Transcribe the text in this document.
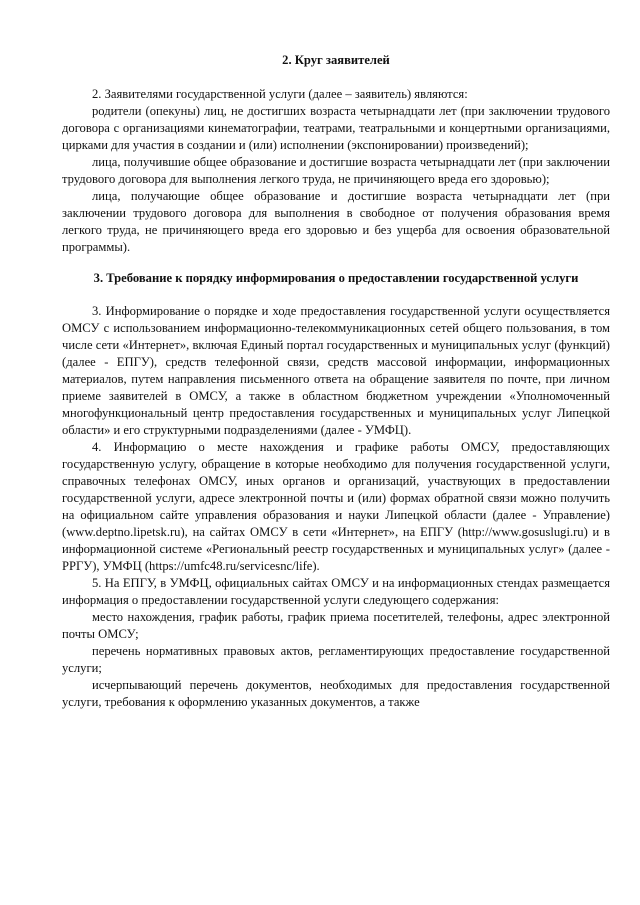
2. Круг заявителей

2. Заявителями государственной услуги (далее – заявитель) являются:

родители (опекуны) лиц, не достигших возраста четырнадцати лет (при заключении трудового договора с организациями кинематографии, театрами, театральными и концертными организациями, цирками для участия в создании и (или) исполнении (экспонировании) произведений);

лица, получившие общее образование и достигшие возраста четырнадцати лет (при заключении трудового договора для выполнения легкого труда, не причиняющего вреда его здоровью);

лица, получающие общее образование и достигшие возраста четырнадцати лет (при заключении трудового договора для выполнения в свободное от получения образования время легкого труда, не причиняющего вреда его здоровью и без ущерба для освоения образовательной программы).

3. Требование к порядку информирования о предоставлении государственной услуги

3. Информирование о порядке и ходе предоставления государственной услуги осуществляется ОМСУ с использованием информационно-телекоммуникационных сетей общего пользования, в том числе сети «Интернет», включая Единый портал государственных и муниципальных услуг (функций) (далее - ЕПГУ), средств телефонной связи, средств массовой информации, информационных материалов, путем направления письменного ответа на обращение заявителя по почте, при личном приеме заявителей в ОМСУ, а также в областном бюджетном учреждении «Уполномоченный многофункциональный центр предоставления государственных и муниципальных услуг Липецкой области» и его структурными подразделениями (далее - УМФЦ).

4. Информацию о месте нахождения и графике работы ОМСУ, предоставляющих государственную услугу, обращение в которые необходимо для получения государственной услуги, справочных телефонах ОМСУ, иных органов и организаций, участвующих в предоставлении государственной услуги, адресе электронной почты и (или) формах обратной связи можно получить на официальном сайте управления образования и науки Липецкой области (далее - Управление)(www.deptno.lipetsk.ru), на сайтах ОМСУ в сети «Интернет», на ЕПГУ (http://www.gosuslugi.ru) и в информационной системе «Региональный реестр государственных и муниципальных услуг» (далее - РРГУ), УМФЦ (https://umfc48.ru/servicesnc/life).

5. На ЕПГУ, в УМФЦ, официальных сайтах ОМСУ и на информационных стендах размещается информация о предоставлении государственной услуги следующего содержания:

место нахождения, график работы, график приема посетителей, телефоны, адрес электронной почты ОМСУ;

перечень нормативных правовых актов, регламентирующих предоставление государственной услуги;

исчерпывающий перечень документов, необходимых для предоставления государственной услуги, требования к оформлению указанных документов, а также
